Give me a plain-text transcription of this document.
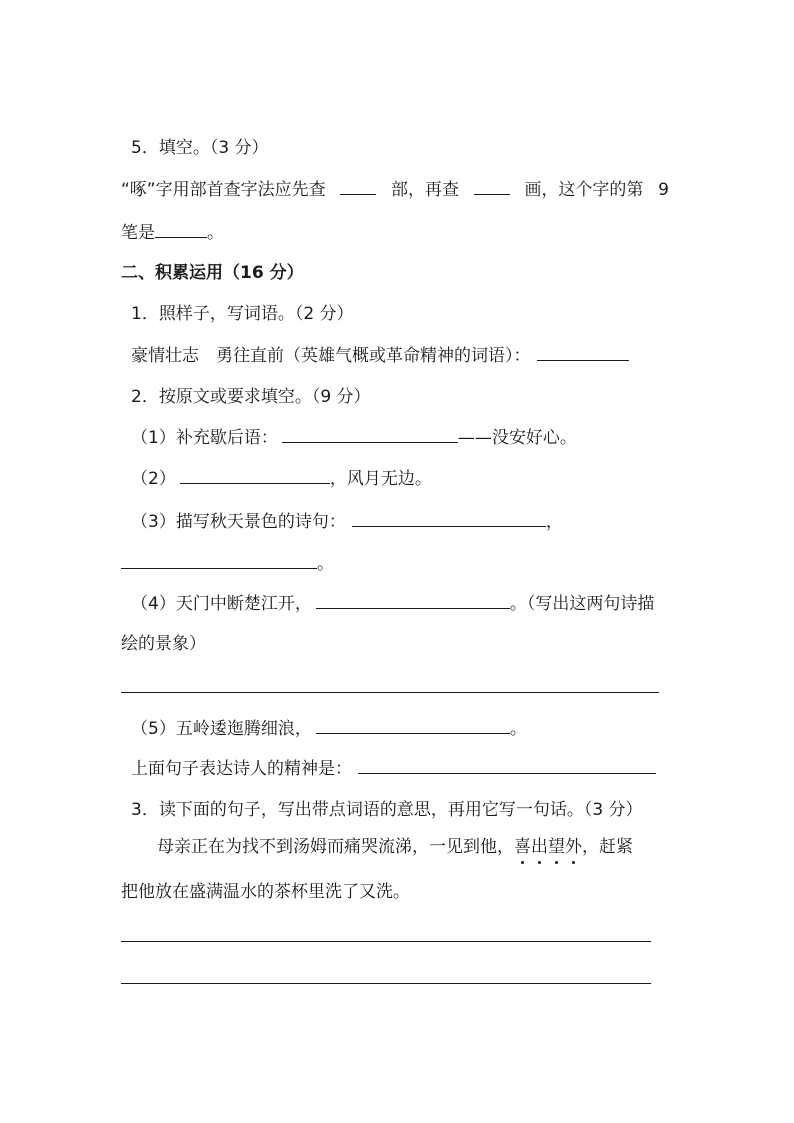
5．填空。（3 分）
“啄”字用部首查字法应先查	部，再查	画，这个字的第 9
笔是	。
二、积累运用（16 分）
1．照样子，写词语。（2 分）
豪情壮志　勇往直前（英雄气概或革命精神的词语）：
2．按原文或要求填空。（9 分）
（1）补充歇后语：	——没安好心。
（2）	，风月无边。
（3）描写秋天景色的诗句：	，
。
（4）天门中断楚江开，	。（写出这两句诗描
绘的景象）
（5）五岭逶迤腾细浪，	。
上面句子表达诗人的精神是：
3．读下面的句子，写出带点词语的意思，再用它写一句话。（3 分）
母亲正在为找不到汤姆而痛哭流涕，一见到他，喜出望外，赶紧
把他放在盛满温水的茶杯里洗了又洗。
